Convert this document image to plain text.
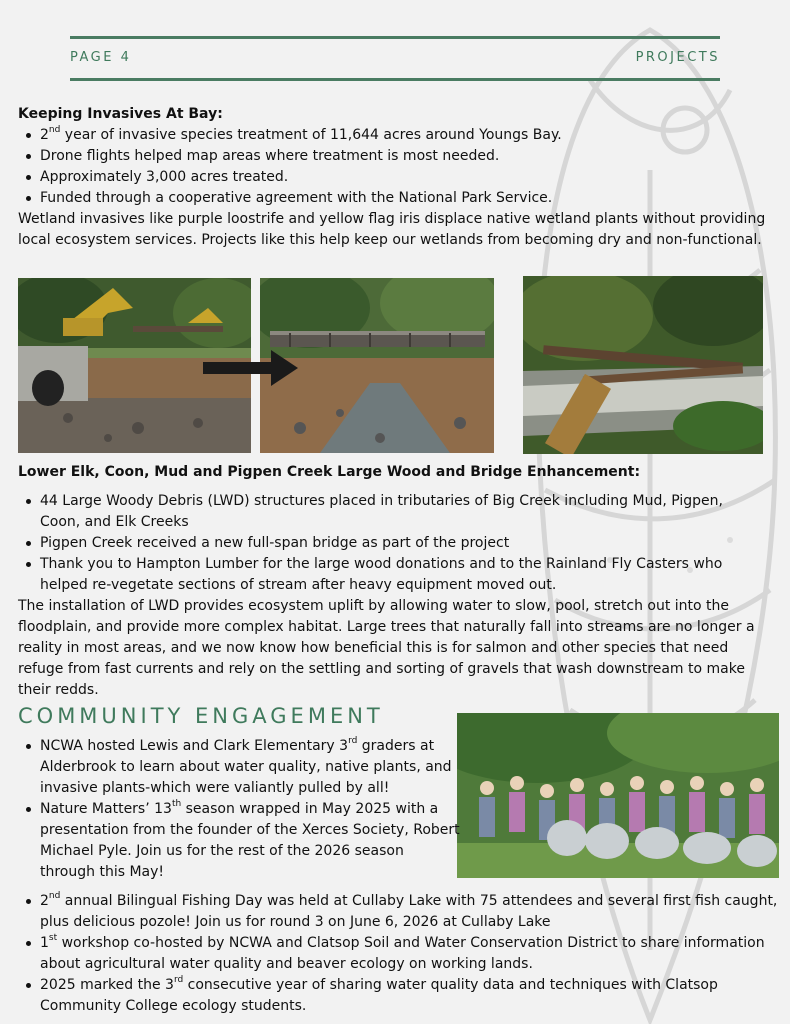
PAGE 4	PROJECTS
Keeping Invasives At Bay:
2nd year of invasive species treatment of 11,644 acres around Youngs Bay.
Drone flights helped map areas where treatment is most needed.
Approximately 3,000 acres treated.
Funded through a cooperative agreement with the National Park Service.

Wetland invasives like purple loostrife and yellow flag iris displace native wetland plants without providing local ecosystem services. Projects like this help keep our wetlands from becoming dry and non-functional.

Lower Elk, Coon, Mud and Pigpen Creek Large Wood and Bridge Enhancement:
44 Large Woody Debris (LWD) structures placed in tributaries of Big Creek including Mud, Pigpen, Coon, and Elk Creeks
Pigpen Creek received a new full-span bridge as part of the project
Thank you to Hampton Lumber for the large wood donations and to the Rainland Fly Casters who helped re-vegetate sections of stream after heavy equipment moved out.

The installation of LWD provides ecosystem uplift by allowing water to slow, pool, stretch out into the floodplain, and provide more complex habitat. Large trees that naturally fall into streams are no longer a reality in most areas, and we now know how beneficial this is for salmon and other species that need refuge from fast currents and rely on the settling and sorting of gravels that wash downstream to make their redds.

COMMUNITY ENGAGEMENT
NCWA hosted Lewis and Clark Elementary 3rd graders at Alderbrook to learn about water quality, native plants, and invasive plants-which were valiantly pulled by all!
Nature Matters’ 13th season wrapped in May 2025 with a presentation from the founder of the Xerces Society, Robert Michael Pyle. Join us for the rest of the 2026 season through this May!
2nd annual Bilingual Fishing Day was held at Cullaby Lake with 75 attendees and several first fish caught, plus delicious pozole! Join us for round 3 on June 6, 2026 at Cullaby Lake
1st workshop co-hosted by NCWA and Clatsop Soil and Water Conservation District to share information about agricultural water quality and beaver ecology on working lands.
2025 marked the 3rd consecutive year of sharing water quality data and techniques with Clatsop Community College ecology students.
